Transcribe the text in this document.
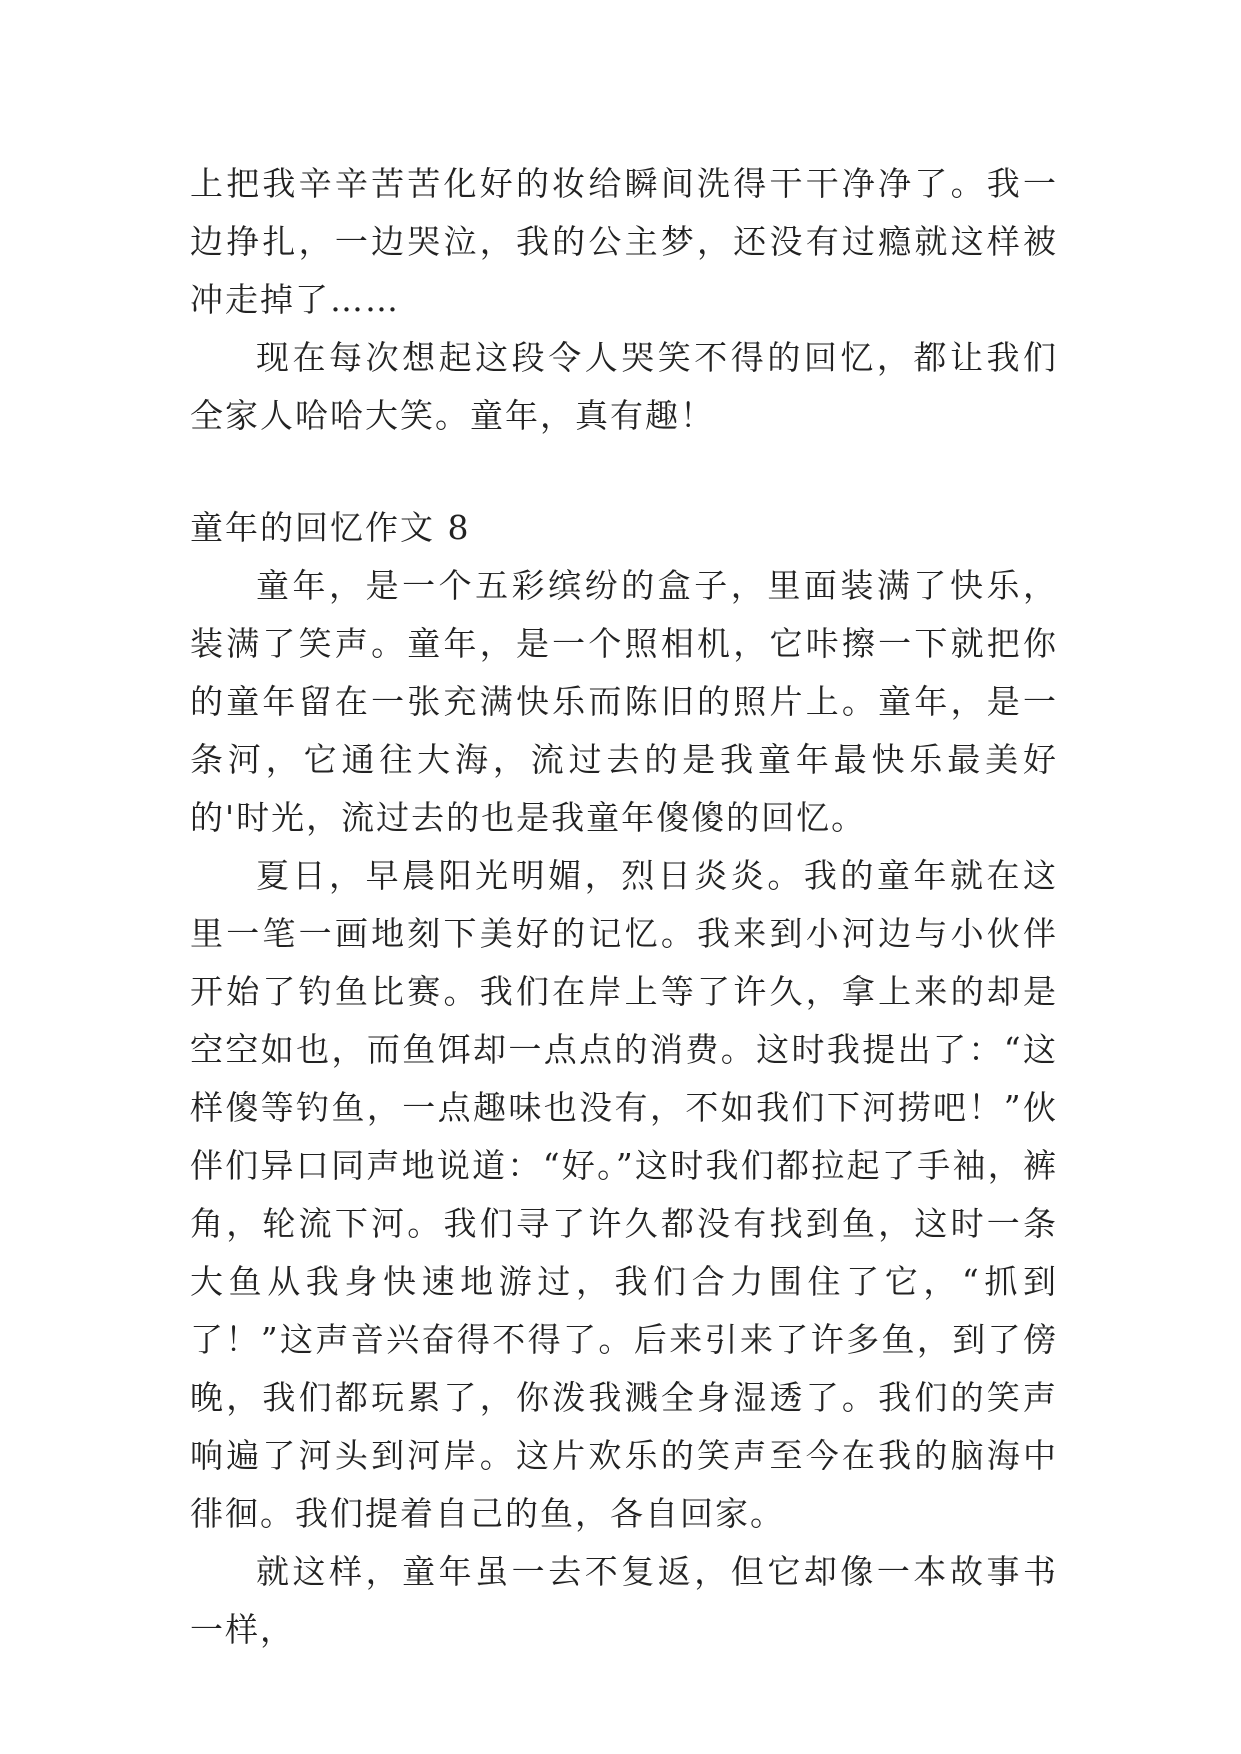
上把我辛辛苦苦化好的妆给瞬间洗得干干净净了。我一边挣扎，一边哭泣，我的公主梦，还没有过瘾就这样被冲走掉了……

现在每次想起这段令人哭笑不得的回忆，都让我们全家人哈哈大笑。童年，真有趣！

童年的回忆作文 8

童年，是一个五彩缤纷的盒子，里面装满了快乐，装满了笑声。童年，是一个照相机，它咔擦一下就把你的童年留在一张充满快乐而陈旧的照片上。童年，是一条河，它通往大海，流过去的是我童年最快乐最美好的'时光，流过去的也是我童年傻傻的回忆。

夏日，早晨阳光明媚，烈日炎炎。我的童年就在这里一笔一画地刻下美好的记忆。我来到小河边与小伙伴开始了钓鱼比赛。我们在岸上等了许久，拿上来的却是空空如也，而鱼饵却一点点的消费。这时我提出了：“这样傻等钓鱼，一点趣味也没有，不如我们下河捞吧！”伙伴们异口同声地说道：“好。”这时我们都拉起了手袖，裤角，轮流下河。我们寻了许久都没有找到鱼，这时一条大鱼从我身快速地游过，我们合力围住了它，“抓到了！”这声音兴奋得不得了。后来引来了许多鱼，到了傍晚，我们都玩累了，你泼我溅全身湿透了。我们的笑声响遍了河头到河岸。这片欢乐的笑声至今在我的脑海中徘徊。我们提着自己的鱼，各自回家。

就这样，童年虽一去不复返，但它却像一本故事书一样，
